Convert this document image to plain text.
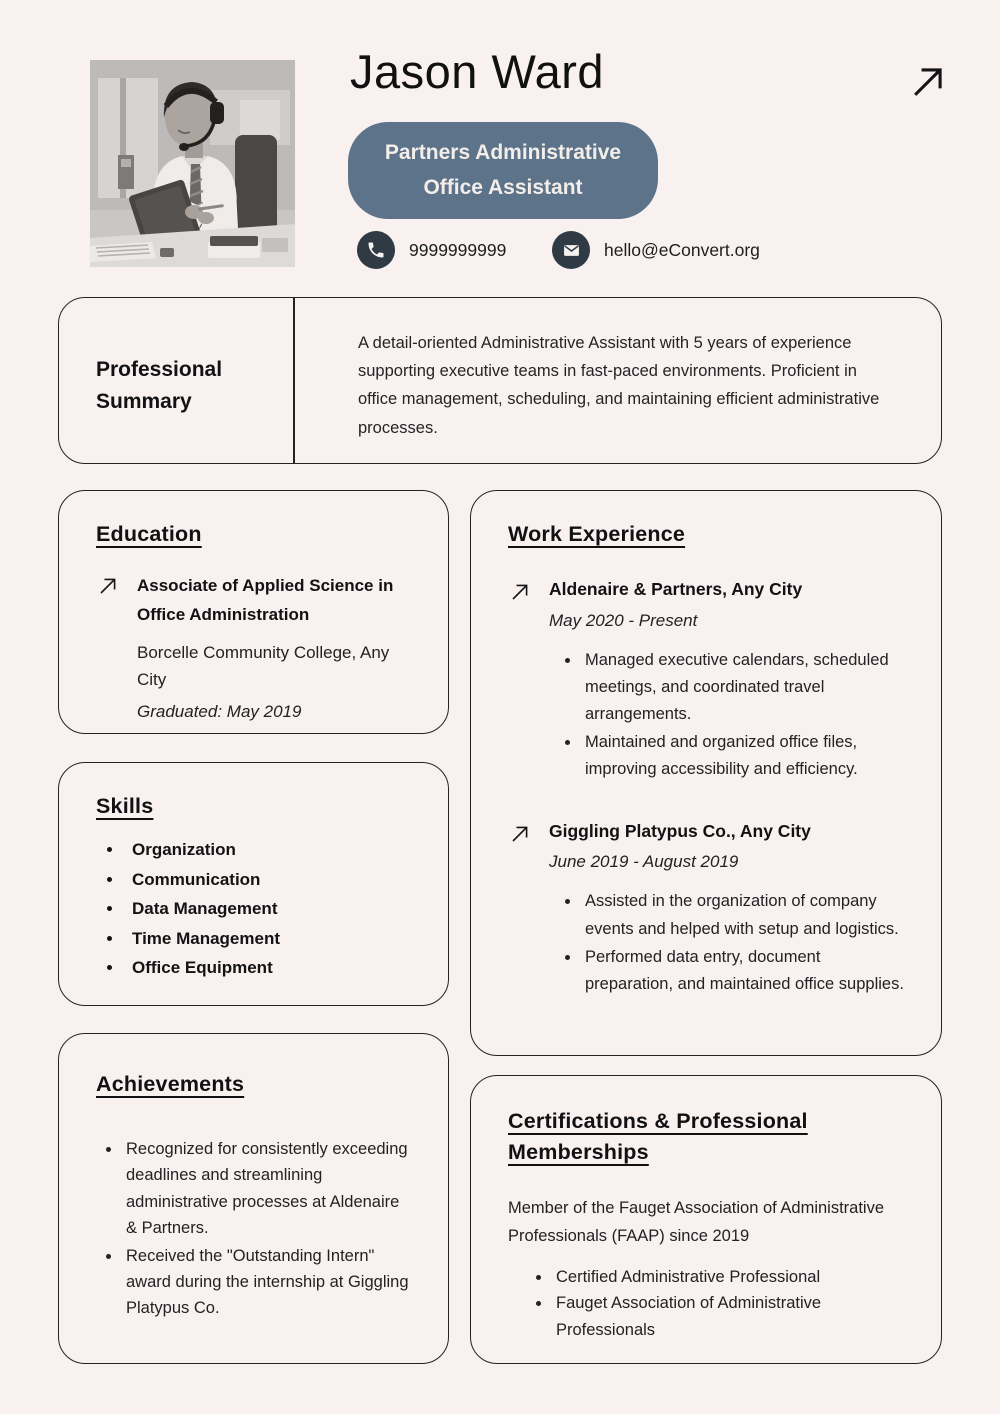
Jason Ward
Partners Administrative
Office Assistant
9999999999	hello@eConvert.org
Professional Summary
A detail-oriented Administrative Assistant with 5 years of experience supporting executive teams in fast-paced environments. Proficient in office management, scheduling, and maintaining efficient administrative processes.
Education
Associate of Applied Science in Office Administration
Borcelle Community College, Any City
Graduated: May 2019
Skills
• Organization
• Communication
• Data Management
• Time Management
• Office Equipment
Achievements
• Recognized for consistently exceeding deadlines and streamlining administrative processes at Aldenaire & Partners.
• Received the "Outstanding Intern" award during the internship at Giggling Platypus Co.
Work Experience
Aldenaire & Partners, Any City
May 2020 - Present
• Managed executive calendars, scheduled meetings, and coordinated travel arrangements.
• Maintained and organized office files, improving accessibility and efficiency.
Giggling Platypus Co., Any City
June 2019 - August 2019
• Assisted in the organization of company events and helped with setup and logistics.
• Performed data entry, document preparation, and maintained office supplies.
Certifications & Professional Memberships
Member of the Fauget Association of Administrative Professionals (FAAP) since 2019
• Certified Administrative Professional
• Fauget Association of Administrative Professionals
